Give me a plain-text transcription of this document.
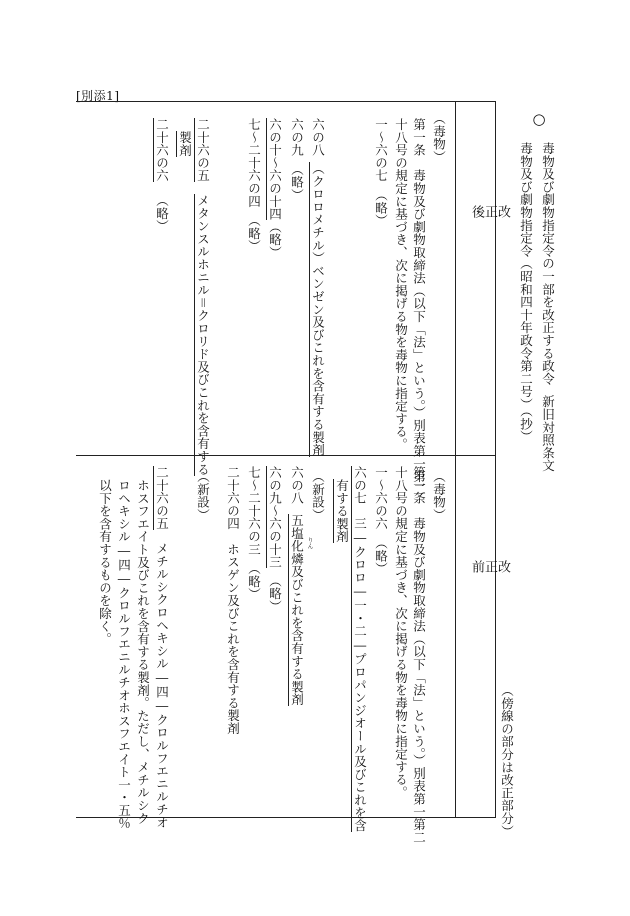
[別添1]
○
毒物及び劇物指定令の一部を改正する政令新旧対照条文
毒物及び劇物指定令（昭和四十年政令第二号）（抄）
（傍線の部分は改正部分）
改
正
後
改
正
前
（毒物）
第一条　毒物及び劇物取締法（以下「法」という。）別表第一第二
十八号の規定に基づき、次に掲げる物を毒物に指定する。
一～六の七　（略）
六の八（クロロメチル）ベンゼン及びこれを含有する製剤
六の九　（略）
六の十～六の十四（略）
七～二十六の四　（略）
二十六の五メタンスルホニル＝クロリド及びこれを含有する
製剤
二十六の六（略）
（毒物）
第一条　毒物及び劇物取締法（以下「法」という。）別表第一第二
十八号の規定に基づき、次に掲げる物を毒物に指定する。
一～六の六　（略）
六の七　三―クロロ―一・二―プロパンジオール及びこれを含
有する製剤
（新設）
六の八五塩化燐及びこれを含有する製剤 りん
六の九～六の十三（略）
七～二十六の三　（略）
二十六の四　ホスゲン及びこれを含有する製剤
（新設）
二十六の五メチルシクロヘキシル―四―クロルフエニルチオ
ホスフエイト及びこれを含有する製剤。ただし、メチルシク
ロヘキシル―四―クロルフエニルチオホスフエイト一・五％
以下を含有するものを除く。
